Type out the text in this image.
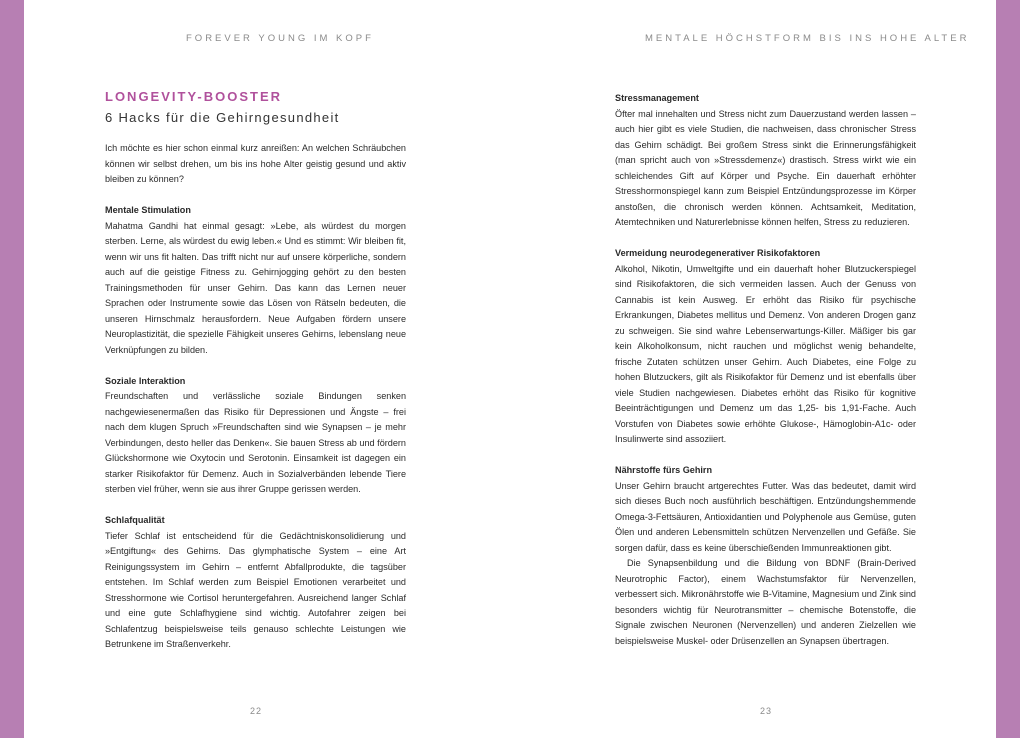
FOREVER YOUNG IM KOPF
LONGEVITY-BOOSTER
6 Hacks für die Gehirngesundheit

Ich möchte es hier schon einmal kurz anreißen: An welchen Schräubchen können wir selbst drehen, um bis ins hohe Alter geistig gesund und aktiv bleiben zu können?

Mentale Stimulation

Mahatma Gandhi hat einmal gesagt: »Lebe, als würdest du morgen sterben. Lerne, als würdest du ewig leben.« Und es stimmt: Wir bleiben fit, wenn wir uns fit halten. Das trifft nicht nur auf unsere körperliche, sondern auch auf die geistige Fitness zu. Gehirnjogging gehört zu den besten Trainingsmethoden für unser Gehirn. Das kann das Lernen neuer Sprachen oder Instrumente sowie das Lösen von Rätseln bedeuten, die unseren Hirnschmalz herausfordern. Neue Aufgaben fördern unsere Neuroplastizität, die spezielle Fähigkeit unseres Gehirns, lebenslang neue Verknüpfungen zu bilden.

Soziale Interaktion

Freundschaften und verlässliche soziale Bindungen senken nachgewiesenermaßen das Risiko für Depressionen und Ängste – frei nach dem klugen Spruch »Freundschaften sind wie Synapsen – je mehr Verbindungen, desto heller das Denken«. Sie bauen Stress ab und fördern Glückshormone wie Oxytocin und Serotonin. Einsamkeit ist dagegen ein starker Risikofaktor für Demenz. Auch in Sozialverbänden lebende Tiere sterben viel früher, wenn sie aus ihrer Gruppe gerissen werden.

Schlafqualität

Tiefer Schlaf ist entscheidend für die Gedächtniskonsolidierung und »Entgiftung« des Gehirns. Das glymphatische System – eine Art Reinigungssystem im Gehirn – entfernt Abfallprodukte, die tagsüber entstehen. Im Schlaf werden zum Beispiel Emotionen verarbeitet und Stresshormone wie Cortisol heruntergefahren. Ausreichend langer Schlaf und eine gute Schlafhygiene sind wichtig. Autofahrer zeigen bei Schlafentzug beispielsweise teils genauso schlechte Leistungen wie Betrunkene im Straßenverkehr.

22
MENTALE HÖCHSTFORM BIS INS HOHE ALTER
Stressmanagement

Öfter mal innehalten und Stress nicht zum Dauerzustand werden lassen – auch hier gibt es viele Studien, die nachweisen, dass chronischer Stress das Gehirn schädigt. Bei großem Stress sinkt die Erinnerungsfähigkeit (man spricht auch von »Stressdemenz«) drastisch. Stress wirkt wie ein schleichendes Gift auf Körper und Psyche. Ein dauerhaft erhöhter Stresshormonspiegel kann zum Beispiel Entzündungsprozesse im Körper anstoßen, die chronisch werden können. Achtsamkeit, Meditation, Atemtechniken und Naturerlebnisse können helfen, Stress zu reduzieren.

Vermeidung neurodegenerativer Risikofaktoren

Alkohol, Nikotin, Umweltgifte und ein dauerhaft hoher Blutzuckerspiegel sind Risikofaktoren, die sich vermeiden lassen. Auch der Genuss von Cannabis ist kein Ausweg. Er erhöht das Risiko für psychische Erkrankungen, Diabetes mellitus und Demenz. Von anderen Drogen ganz zu schweigen. Sie sind wahre Lebenserwartungs-Killer. Mäßiger bis gar kein Alkoholkonsum, nicht rauchen und möglichst wenig behandelte, frische Zutaten schützen unser Gehirn. Auch Diabetes, eine Folge zu hohen Blutzuckers, gilt als Risikofaktor für Demenz und ist ebenfalls über viele Studien nachgewiesen. Diabetes erhöht das Risiko für kognitive Beeinträchtigungen und Demenz um das 1,25- bis 1,91-Fache. Auch Vorstufen von Diabetes sowie erhöhte Glukose-, Hämoglobin-A1c- oder Insulinwerte sind assoziiert.

Nährstoffe fürs Gehirn

Unser Gehirn braucht artgerechtes Futter. Was das bedeutet, damit wird sich dieses Buch noch ausführlich beschäftigen. Entzündungshemmende Omega-3-Fettsäuren, Antioxidantien und Polyphenole aus Gemüse, guten Ölen und anderen Lebensmitteln schützen Nervenzellen und Gefäße. Sie sorgen dafür, dass es keine überschießenden Immunreaktionen gibt.

Die Synapsenbildung und die Bildung von BDNF (Brain-Derived Neurotrophic Factor), einem Wachstumsfaktor für Nervenzellen, verbessert sich. Mikronährstoffe wie B-Vitamine, Magnesium und Zink sind besonders wichtig für Neurotransmitter – chemische Botenstoffe, die Signale zwischen Neuronen (Nervenzellen) und anderen Zielzellen wie beispielsweise Muskel- oder Drüsenzellen an Synapsen übertragen.

23
